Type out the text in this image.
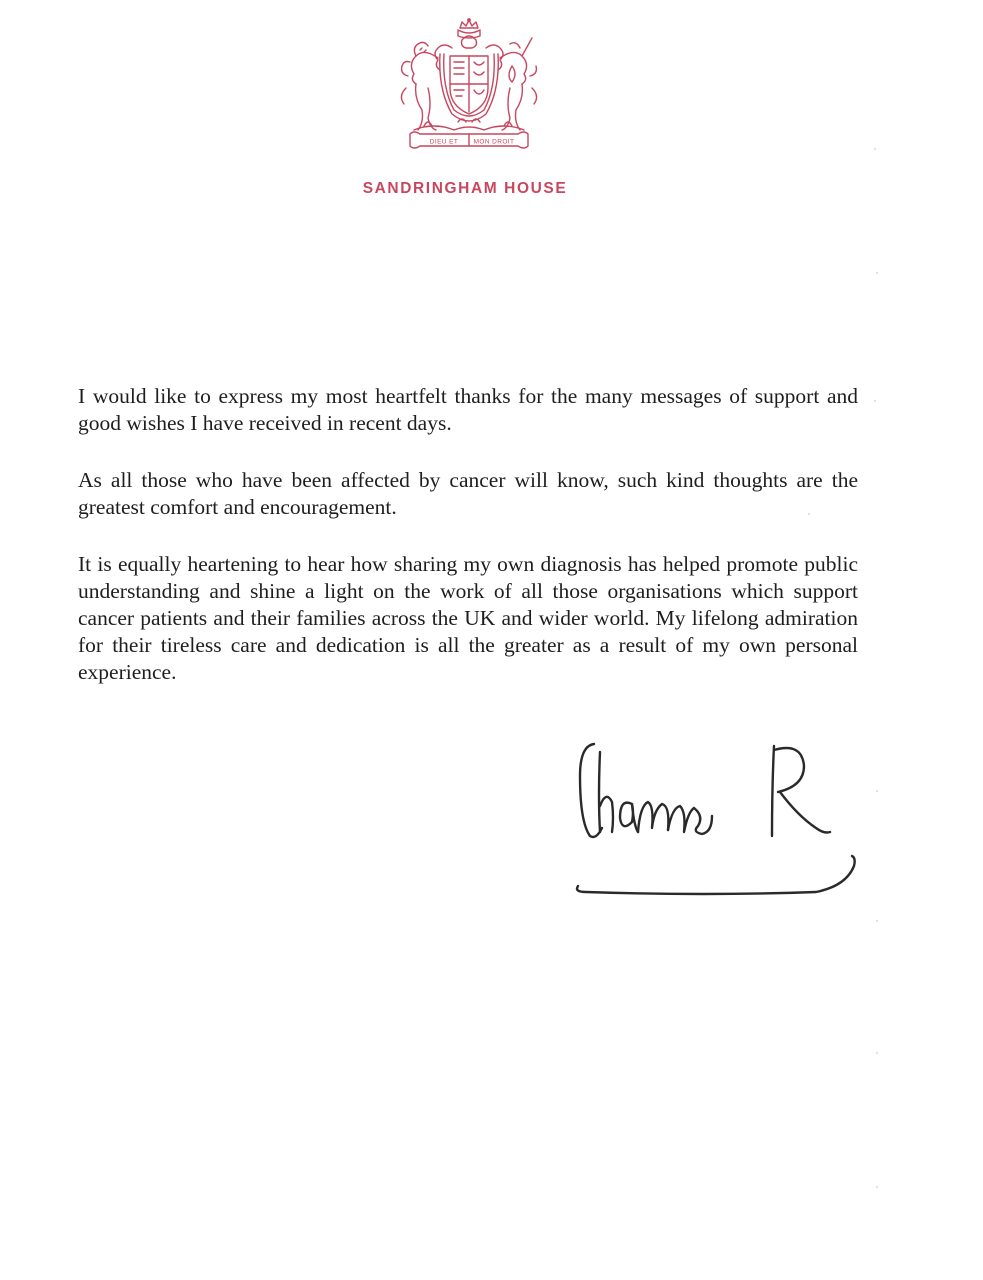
DIEU ET MON DROIT
SANDRINGHAM HOUSE

I would like to express my most heartfelt thanks for the many messages of support and good wishes I have received in recent days.

As all those who have been affected by cancer will know, such kind thoughts are the greatest comfort and encouragement.

It is equally heartening to hear how sharing my own diagnosis has helped promote public understanding and shine a light on the work of all those organisations which support cancer patients and their families across the UK and wider world. My lifelong admiration for their tireless care and dedication is all the greater as a result of my own personal experience.
